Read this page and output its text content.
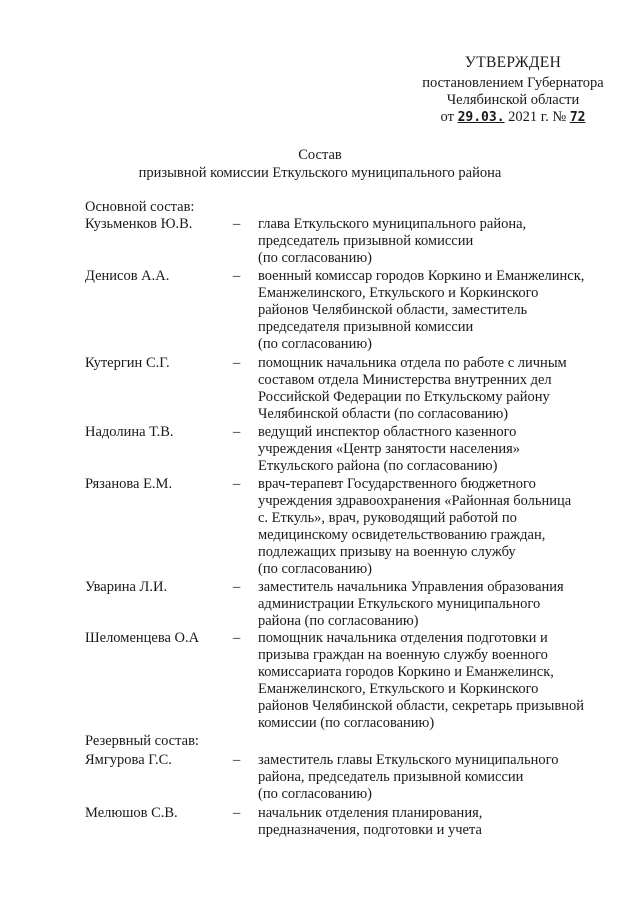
УТВЕРЖДЕН
постановлением Губернатора
Челябинской области
от 29.03. 2021 г. № 72
Состав
призывной комиссии Еткульского муниципального района
Основной состав:
Кузьменков Ю.В.	– глава Еткульского муниципального района,
председатель призывной комиссии
(по согласованию)
Денисов А.А.	– военный комиссар городов Коркино и Еманжелинск,
Еманжелинского, Еткульского и Коркинского
районов Челябинской области, заместитель
председателя призывной комиссии
(по согласованию)
Кутергин С.Г.	– помощник начальника отдела по работе с личным
составом отдела Министерства внутренних дел
Российской Федерации по Еткульскому району
Челябинской области (по согласованию)
Надолина Т.В.	– ведущий инспектор областного казенного
учреждения «Центр занятости населения»
Еткульского района (по согласованию)
Рязанова Е.М.	– врач-терапевт Государственного бюджетного
учреждения здравоохранения «Районная больница
с. Еткуль», врач, руководящий работой по
медицинскому освидетельствованию граждан,
подлежащих призыву на военную службу
(по согласованию)
Уварина Л.И.	– заместитель начальника Управления образования
администрации Еткульского муниципального
района (по согласованию)
Шеломенцева О.А – помощник начальника отделения подготовки и
призыва граждан на военную службу военного
комиссариата городов Коркино и Еманжелинск,
Еманжелинского, Еткульского и Коркинского
районов Челябинской области, секретарь призывной
комиссии (по согласованию)
Резервный состав:
Ямгурова Г.С.	– заместитель главы Еткульского муниципального
района, председатель призывной комиссии
(по согласованию)
Мелюшов С.В.	– начальник отделения планирования,
предназначения, подготовки и учета
